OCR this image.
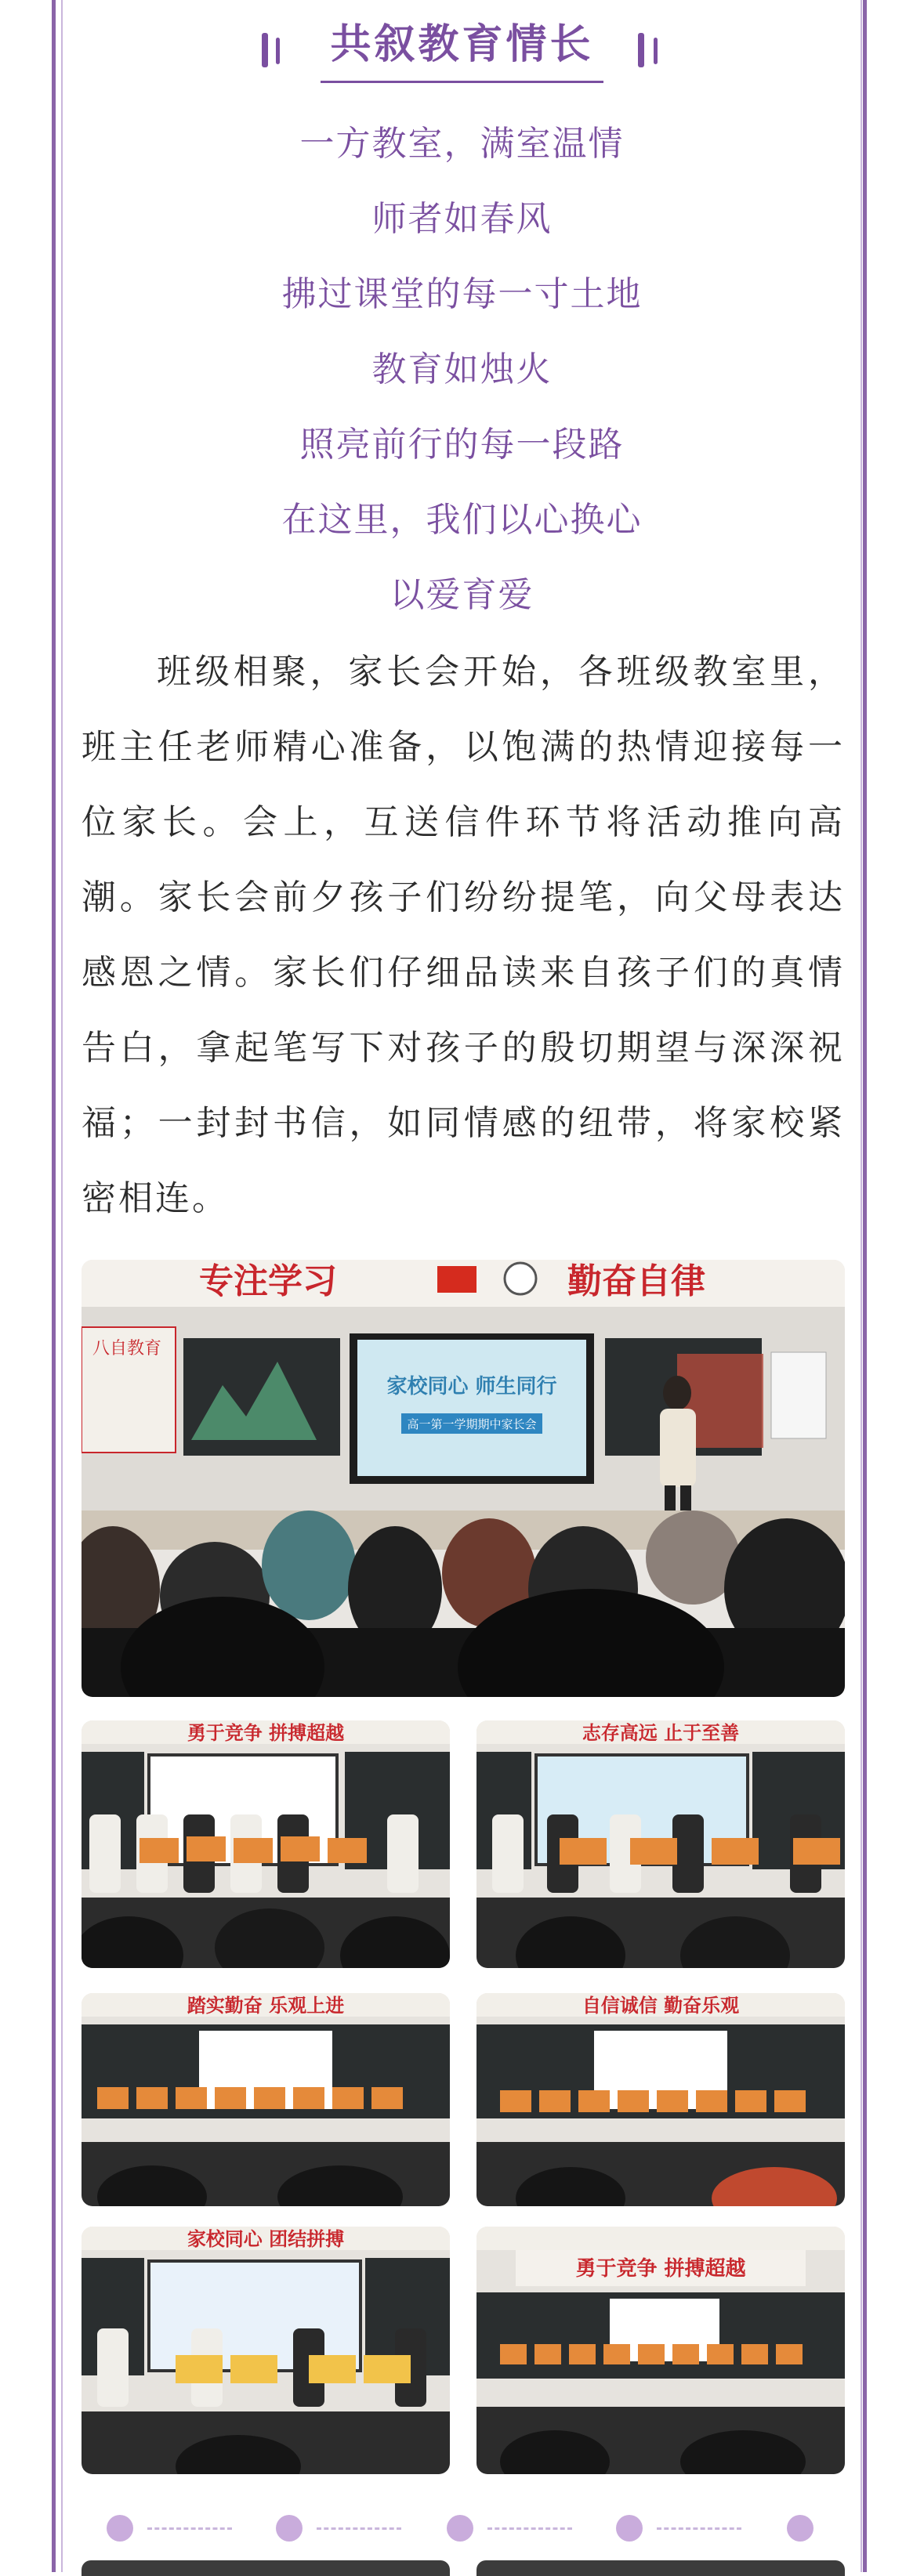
共叙教育情长
一方教室，满室温情
师者如春风
拂过课堂的每一寸土地
教育如烛火
照亮前行的每一段路
在这里，我们以心换心
以爱育爱

班级相聚，家长会开始，各班级教室里，班主任老师精心准备，以饱满的热情迎接每一位家长。会上，互送信件环节将活动推向高潮。家长会前夕孩子们纷纷提笔，向父母表达感恩之情。家长们仔细品读来自孩子们的真情告白，拿起笔写下对孩子的殷切期望与深深祝福；一封封书信，如同情感的纽带，将家校紧密相连。

专注学习	勤奋自律
八自教育
家校同心 师生同行
高一第一学期期中家长会
勇于竞争 拼搏超越	志存高远 止于至善
踏实勤奋 乐观上进	自信诚信 勤奋乐观
家校同心 团结拼搏
勇于竞争 拼搏超越
